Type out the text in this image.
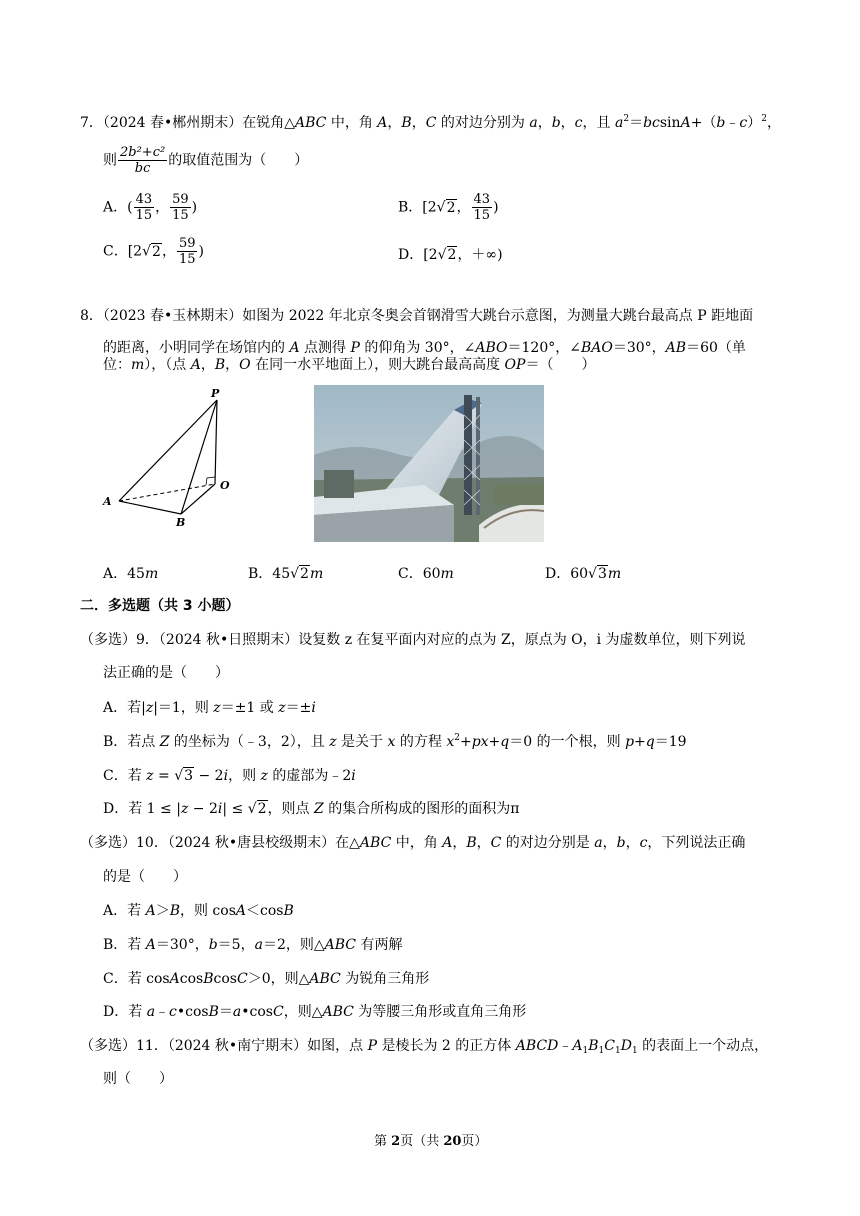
7．（2024 春•郴州期末）在锐角△ABC 中，角 A，B，C 的对边分别为 a，b，c，且 $a^2=bcsinA+(b﹣c)^2$，
则 $\frac{\text{2b²+c²}}{bc}$ 的取值范围为（　　）
A．( $\frac{43}{15}$ ， $\frac{59}{15}$ )	B．[2√2， $\frac{43}{15}$ )
C．[2√2， $\frac{59}{15}$ )	D．[2√2，＋∞)
8．（2023 春•玉林期末）如图为 2022 年北京冬奥会首钢滑雪大跳台示意图，为测量大跳台最高点 P 距地面
的距离，小明同学在场馆内的 A 点测得 P 的仰角为 30°，∠ABO＝120°，∠BAO＝30°，AB＝60（单
位：m），（点 A，B，O 在同一水平地面上），则大跳台最高高度 OP＝（　　）
P
O
A
B
A．45m	B．45√2m	C．60m	D．60√3m
二．多选题（共 3 小题）
（多选）9．（2024 秋•日照期末）设复数 z 在复平面内对应的点为 Z，原点为 O，i 为虚数单位，则下列说
法正确的是（　　）
A．若|z|＝1，则 z＝±1 或 z＝±i
B．若点 Z 的坐标为（﹣3，2），且 z 是关于 x 的方程 $x^2+px+q=0$ 的一个根，则 p+q＝19
C．若 z = √3 − 2i，则 z 的虚部为﹣2i
D．若 1 ≤ |z − 2i| ≤ √2，则点 Z 的集合所构成的图形的面积为π
（多选）10．（2024 秋•唐县校级期末）在△ABC 中，角 A，B，C 的对边分别是 a，b，c，下列说法正确
的是（　　）
A．若 A＞B，则 cosA＜cosB
B．若 A＝30°，b＝5，a＝2，则△ABC 有两解
C．若 cosAcosBcosC＞0，则△ABC 为锐角三角形
D．若 a﹣c•cosB＝a•cosC，则△ABC 为等腰三角形或直角三角形
（多选）11．（2024 秋•南宁期末）如图，点 P 是棱长为 2 的正方体 $ABCD﹣A_1B_1C_1D_1$ 的表面上一个动点，
则（　　）
第 2页（共 20页）
